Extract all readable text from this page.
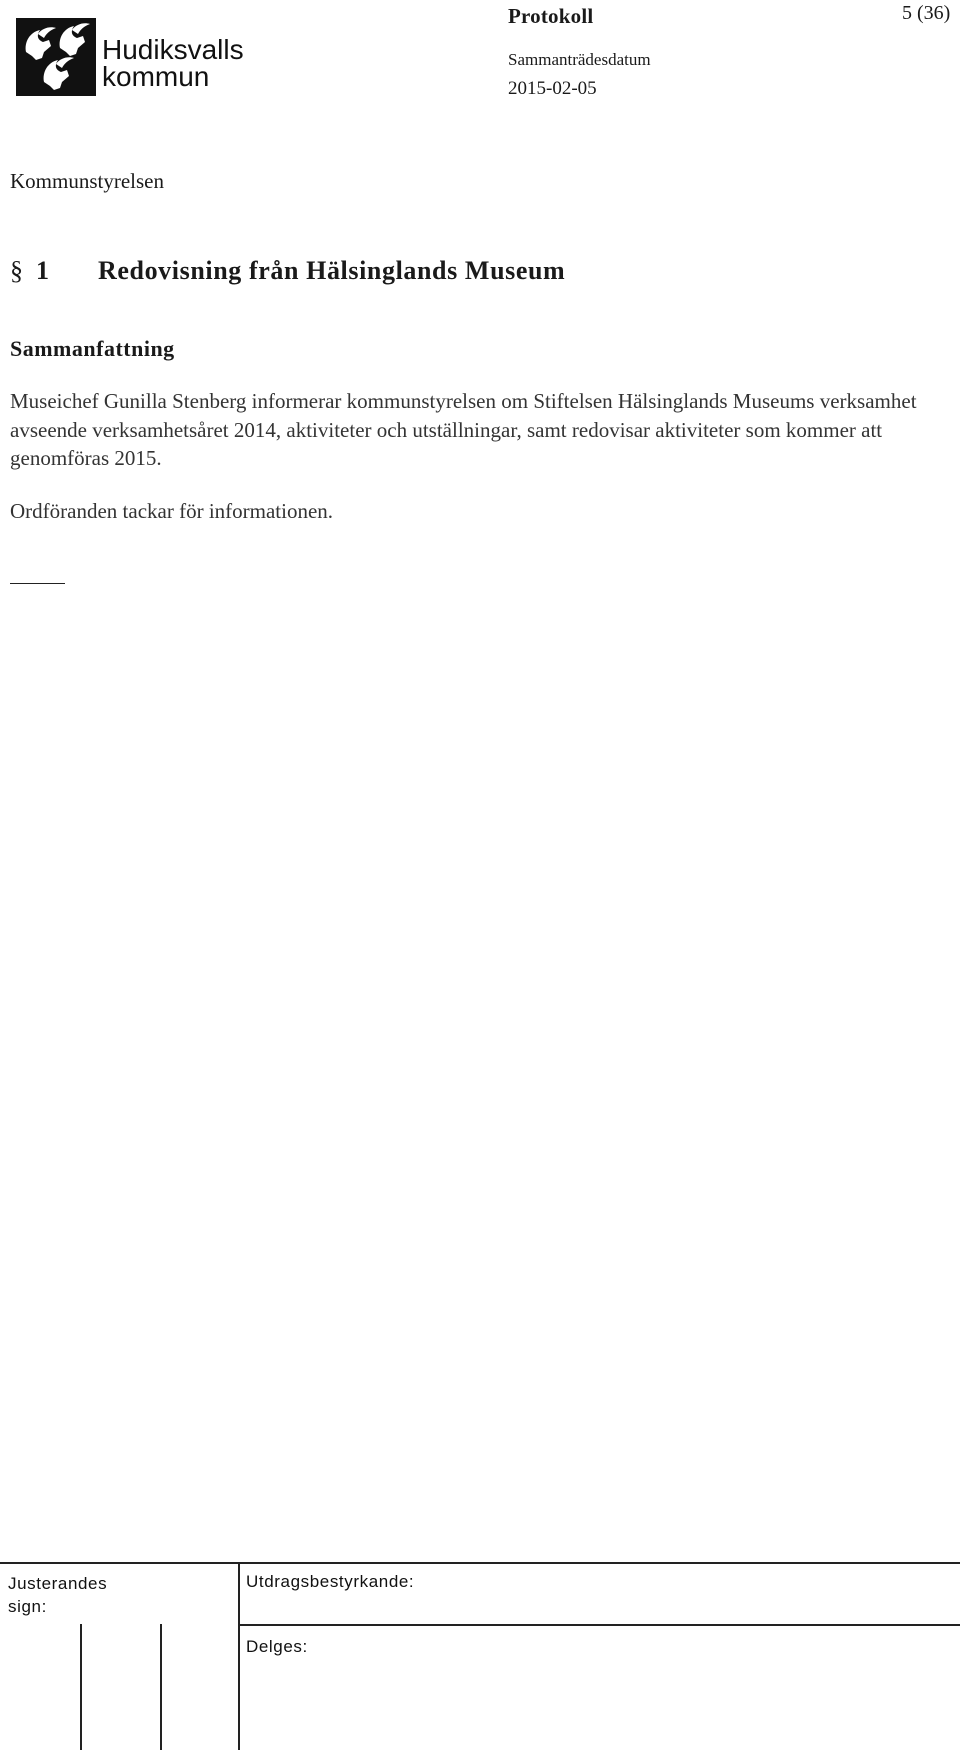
Hudiksvalls
kommun
Protokoll	5 (36)
Sammanträdesdatum
2015-02-05
Kommunstyrelsen
§ 1 Redovisning från Hälsinglands Museum
Sammanfattning

Museichef Gunilla Stenberg informerar kommunstyrelsen om Stiftelsen Hälsinglands Museums verksamhet avseende verksamhetsåret 2014, aktiviteter och utställningar, samt redovisar aktiviteter som kommer att genomföras 2015.

Ordföranden tackar för informationen.

Justerandes sign:
Utdragsbestyrkande:
Delges:
